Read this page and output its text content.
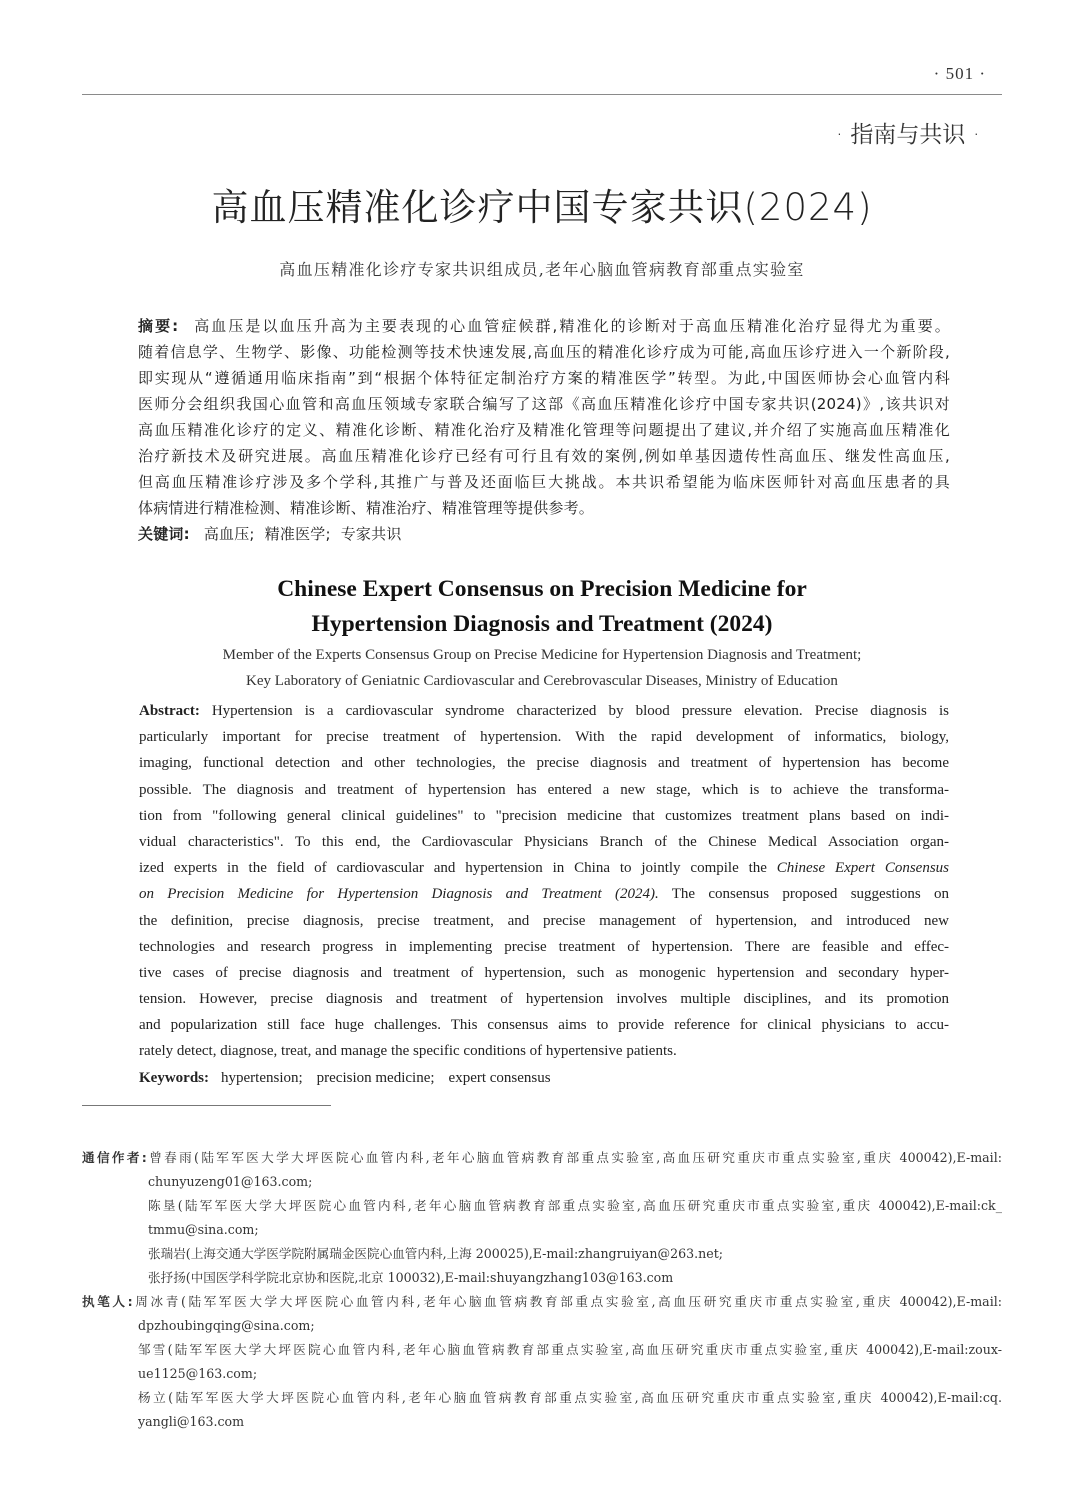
· 501 ·
· 指南与共识 ·
高血压精准化诊疗中国专家共识(2024)
高血压精准化诊疗专家共识组成员,老年心脑血管病教育部重点实验室
摘要: 高血压是以血压升高为主要表现的心血管症候群,精准化的诊断对于高血压精准化治疗显得尤为重要。
随着信息学、生物学、影像、功能检测等技术快速发展,高血压的精准化诊疗成为可能,高血压诊疗进入一个新阶段,
即实现从“遵循通用临床指南”到“根据个体特征定制治疗方案的精准医学”转型。为此,中国医师协会心血管内科
医师分会组织我国心血管和高血压领域专家联合编写了这部《高血压精准化诊疗中国专家共识(2024)》,该共识对
高血压精准化诊疗的定义、精准化诊断、精准化治疗及精准化管理等问题提出了建议,并介绍了实施高血压精准化
治疗新技术及研究进展。高血压精准化诊疗已经有可行且有效的案例,例如单基因遗传性高血压、继发性高血压,
但高血压精准诊疗涉及多个学科,其推广与普及还面临巨大挑战。本共识希望能为临床医师针对高血压患者的具
体病情进行精准检测、精准诊断、精准治疗、精准管理等提供参考。
关键词: 高血压; 精准医学; 专家共识
Chinese Expert Consensus on Precision Medicine for
Hypertension Diagnosis and Treatment (2024)
Member of the Experts Consensus Group on Precise Medicine for Hypertension Diagnosis and Treatment;
Key Laboratory of Geniatnic Cardiovascular and Cerebrovascular Diseases, Ministry of Education
Abstract: Hypertension is a cardiovascular syndrome characterized by blood pressure elevation. Precise diagnosis is
particularly important for precise treatment of hypertension. With the rapid development of informatics, biology,
imaging, functional detection and other technologies, the precise diagnosis and treatment of hypertension has become
possible. The diagnosis and treatment of hypertension has entered a new stage, which is to achieve the transforma-
tion from "following general clinical guidelines" to "precision medicine that customizes treatment plans based on indi-
vidual characteristics". To this end, the Cardiovascular Physicians Branch of the Chinese Medical Association organ-
ized experts in the field of cardiovascular and hypertension in China to jointly compile the Chinese Expert Consensus
on Precision Medicine for Hypertension Diagnosis and Treatment (2024). The consensus proposed suggestions on
the definition, precise diagnosis, precise treatment, and precise management of hypertension, and introduced new
technologies and research progress in implementing precise treatment of hypertension. There are feasible and effec-
tive cases of precise diagnosis and treatment of hypertension, such as monogenic hypertension and secondary hyper-
tension. However, precise diagnosis and treatment of hypertension involves multiple disciplines, and its promotion
and popularization still face huge challenges. This consensus aims to provide reference for clinical physicians to accu-
rately detect, diagnose, treat, and manage the specific conditions of hypertensive patients.
Keywords: hypertension; precision medicine; expert consensus
通信作者:曾春雨(陆军军医大学大坪医院心血管内科,老年心脑血管病教育部重点实验室,高血压研究重庆市重点实验室,重庆 400042),E-mail:
chunyuzeng01@163.com;
陈垦(陆军军医大学大坪医院心血管内科,老年心脑血管病教育部重点实验室,高血压研究重庆市重点实验室,重庆 400042),E-mail:ck_
tmmu@sina.com;
张瑞岩(上海交通大学医学院附属瑞金医院心血管内科,上海 200025),E-mail:zhangruiyan@263.net;
张抒扬(中国医学科学院北京协和医院,北京 100032),E-mail:shuyangzhang103@163.com
执笔人:周冰青(陆军军医大学大坪医院心血管内科,老年心脑血管病教育部重点实验室,高血压研究重庆市重点实验室,重庆 400042),E-mail:
dpzhoubingqing@sina.com;
邹雪(陆军军医大学大坪医院心血管内科,老年心脑血管病教育部重点实验室,高血压研究重庆市重点实验室,重庆 400042),E-mail:zoux-
ue1125@163.com;
杨立(陆军军医大学大坪医院心血管内科,老年心脑血管病教育部重点实验室,高血压研究重庆市重点实验室,重庆 400042),E-mail:cq.
yangli@163.com
